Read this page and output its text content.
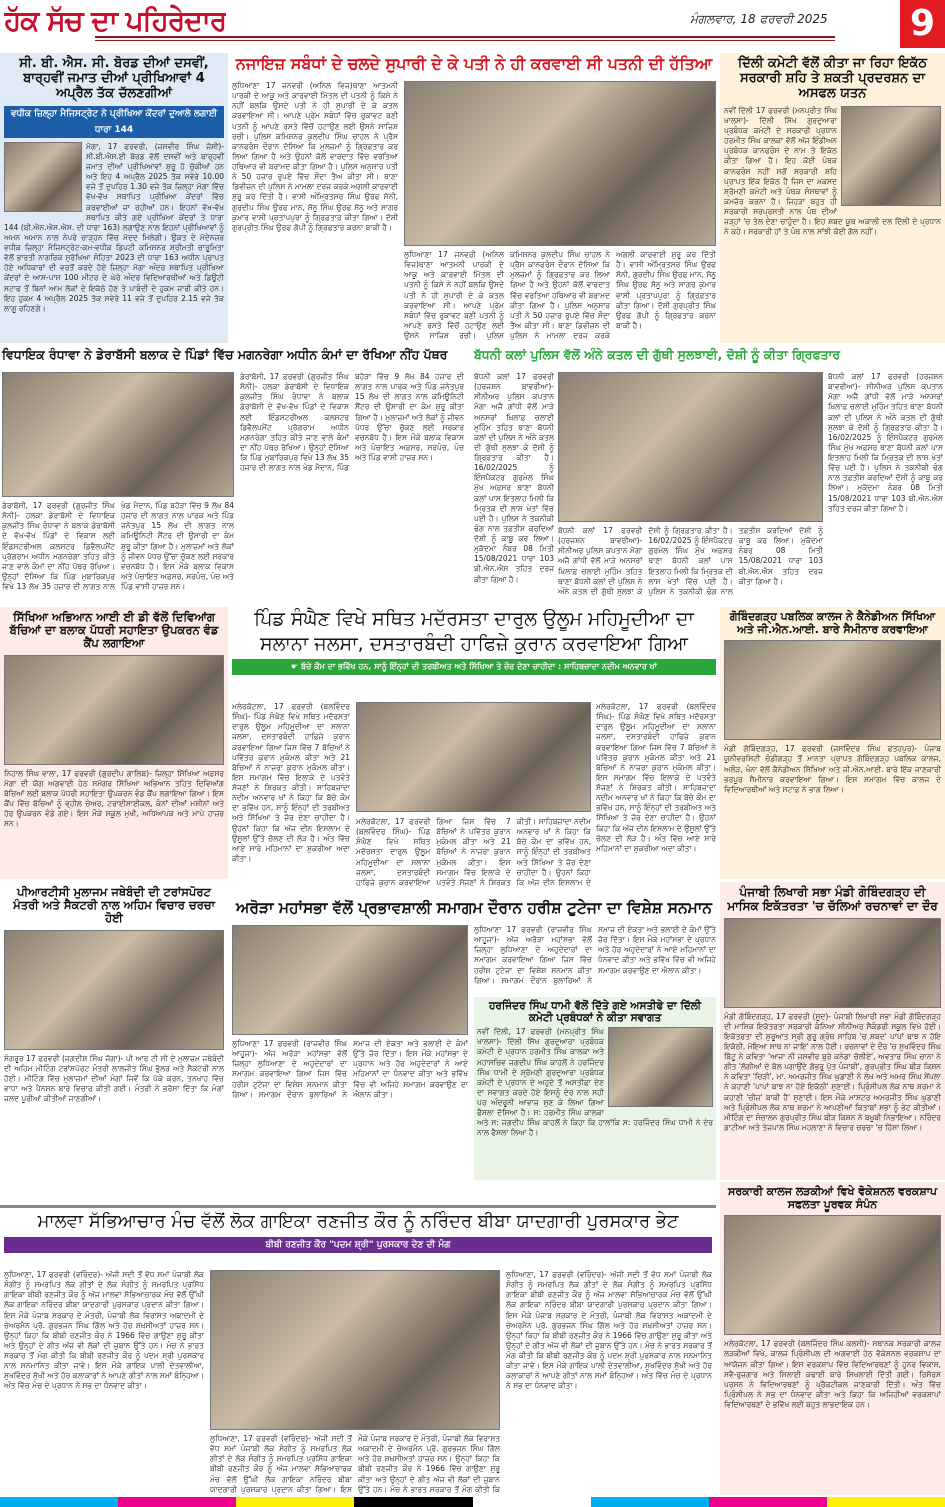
ਹੱਕ ਸੱਚ ਦਾ ਪਹਿਰੇਦਾਰ	ਮੰਗਲਵਾਰ, 18 ਫਰਵਰੀ 2025 9
ਸੀ. ਬੀ. ਐਸ. ਸੀ. ਬੋਰਡ ਦੀਆਂ ਦਸਵੀਂ, ਬਾਰ੍ਹਵੀਂ ਜਮਾਤ ਦੀਆਂ ਪ੍ਰੀਖਿਆਵਾਂ 4 ਅਪ੍ਰੈਲ ਤੱਕ ਚੱਲਣਗੀਆਂ
ਵਧੀਕ ਜ਼ਿਲ੍ਹਾ ਮੈਜਿਸਟ੍ਰੇਟ ਨੇ ਪ੍ਰੀਖਿਆ ਕੇਂਦਰਾਂ ਦੁਆਲੇ ਲਗਾਈ ਧਾਰਾ 144
ਮੋਗਾ, 17 ਫਰਵਰੀ, (ਜਸਵੀਰ ਸਿੰਘ ਜੱਸੀ)- ਸੀ.ਬੀ.ਐਸ.ਈ ਬੋਰਡ ਵੱਲੋਂ ਦਸਵੀਂ ਅਤੇ ਬਾਰ੍ਹਵੀਂ ਜਮਾਤ ਦੀਆਂ ਪ੍ਰੀਖਿਆਵਾਂ ਸ਼ੁਰੂ ਹੋ ਚੁੱਕੀਆਂ ਹਨ ਅਤੇ ਇਹ 4 ਅਪ੍ਰੈਲ 2025 ਤੱਕ ਸਵੇਰੇ 10.00 ਵਜੇ ਤੋਂ ਦੁਪਹਿਰ 1.30 ਵਜੇ ਤੱਕ ਜ਼ਿਲ੍ਹਾ ਮੋਗਾ ਵਿੱਚ ਵੱਖ-ਵੱਖ ਸਥਾਪਿਤ ਪ੍ਰੀਖਿਆ ਕੇਂਦਰਾਂ ਵਿੱਚ ਕਰਵਾਈਆਂ ਜਾ ਰਹੀਆਂ ਹਨ। ਇਹਨਾਂ ਵੱਖ-ਵੱਖ ਸਥਾਪਿਤ ਕੀਤੇ ਗਏ ਪ੍ਰੀਖਿਆ ਕੇਂਦਰਾਂ ਤੇ ਧਾਰਾ 144 (ਬੀ.ਐਨ.ਐਸ.ਐਸ. ਦੀ ਧਾਰਾ 163) ਲਗਾਉਣ ਨਾਲ ਇਹਨਾਂ ਪ੍ਰੀਖਿਆਵਾਂ ਨੂੰ ਅਮਨ ਅਮਾਨ ਨਾਲ ਨੇਪਰੇ ਚਾੜ੍ਹਨ ਵਿੱਚ ਮੱਦਦ ਮਿਲੇਗੀ। ਉਕਤ ਦੇ ਮੱਦੇਨਜ਼ਰ ਵਧੀਕ ਜ਼ਿਲ੍ਹਾ ਮੈਜਿਸਟ੍ਰੇਟ-ਕਮ-ਵਧੀਕ ਡਿਪਟੀ ਕਮਿਸ਼ਨਰ ਸ਼੍ਰੀਮਤੀ ਚਾਰੂਮਿਤਾ ਵੱਲੋਂ ਭਾਰਤੀ ਨਾਗਰਿਕ ਸੁਰੱਖਿਆ ਸੰਹਿਤਾ 2023 ਦੀ ਧਾਰਾ 163 ਅਧੀਨ ਪ੍ਰਾਪਤ ਹੋਏ ਅਧਿਕਾਰਾਂ ਦੀ ਵਰਤੋਂ ਕਰਦੇ ਹੋਏ ਜ਼ਿਲ੍ਹਾ ਮੋਗਾ ਅੰਦਰ ਸਥਾਪਿਤ ਪ੍ਰੀਖਿਆ ਕੇਂਦਰਾਂ ਦੇ ਆਸ-ਪਾਸ 100 ਮੀਟਰ ਦੇ ਘੇਰੇ ਅੰਦਰ ਵਿਦਿਆਰਥੀਆਂ ਅਤੇ ਡਿਊਟੀ ਸਟਾਫ ਤੋਂ ਬਿਨਾਂ ਆਮ ਲੋਕਾਂ ਦੇ ਇਕੱਠੇ ਹੋਣ ਤੇ ਪਾਬੰਦੀ ਦੇ ਹੁਕਮ ਜਾਰੀ ਕੀਤੇ ਹਨ। ਇਹ ਹੁਕਮ 4 ਅਪ੍ਰੈਲ 2025 ਤੱਕ ਸਵੇਰੇ 11 ਵਜੇ ਤੋਂ ਦੁਪਹਿਰ 2.15 ਵਜੇ ਤੱਕ ਲਾਗੂ ਰਹਿਣਗੇ।
ਨਜਾਇਜ਼ ਸਬੰਧਾਂ ਦੇ ਚਲਦੇ ਸੁਪਾਰੀ ਦੇ ਕੇ ਪਤੀ ਨੇ ਹੀ ਕਰਵਾਈ ਸੀ ਪਤਨੀ ਦੀ ਹੱਤਿਆ
ਲੁਧਿਆਣਾ 17 ਜਨਵਰੀ (ਅਨਿਲ ਵਿਜ)ਥਾਣਾ ਆਤਮਨੀ ਪਾਰਕੀ ਦੇ ਆਕੂ ਅਤੇ ਕਾਰਵਾਈ ਮਿੱਤਲ ਦੀ ਪਤਨੀ ਨੂੰ ਕਿਸੇ ਨੇ ਨਹੀਂ ਬਲਕਿ ਉਸਦੇ ਪਤੀ ਨੇ ਹੀ ਸੁਪਾਰੀ ਦੇ ਕੇ ਕਤਲ ਕਰਵਾਇਆ ਸੀ। ਆਪਣੇ ਪ੍ਰੇਮ ਸਬੰਧਾਂ ਵਿੱਚ ਰੁਕਾਵਟ ਬਣੀ ਪਤਨੀ ਨੂੰ ਆਪਣੇ ਰਸਤੇ ਵਿੱਚੋਂ ਹਟਾਉਣ ਲਈ ਉਸਨੇ ਸਾਜ਼ਿਸ਼ ਰਚੀ। ਪੁਲਿਸ ਕਮਿਸ਼ਨਰ ਕੁਲਦੀਪ ਸਿੰਘ ਚਾਹਲ ਨੇ ਪ੍ਰੈਸ ਕਾਨਫਰੰਸ ਦੌਰਾਨ ਦੱਸਿਆ ਕਿ ਮੁਲਜ਼ਮਾਂ ਨੂੰ ਗ੍ਰਿਫ਼ਤਾਰ ਕਰ ਲਿਆ ਗਿਆ ਹੈ ਅਤੇ ਉਹਨਾਂ ਕੋਲੋਂ ਵਾਰਦਾਤ ਵਿੱਚ ਵਰਤਿਆ ਹਥਿਆਰ ਵੀ ਬਰਾਮਦ ਕੀਤਾ ਗਿਆ ਹੈ। ਪੁਲਿਸ ਅਨੁਸਾਰ ਪਤੀ ਨੇ 50 ਹਜ਼ਾਰ ਰੁਪਏ ਵਿੱਚ ਸੌਦਾ ਤੈਅ ਕੀਤਾ ਸੀ। ਥਾਣਾ ਡਿਵੀਜ਼ਨ ਦੀ ਪੁਲਿਸ ਨੇ ਮਾਮਲਾ ਦਰਜ ਕਰਕੇ ਅਗਲੀ ਕਾਰਵਾਈ ਸ਼ੁਰੂ ਕਰ ਦਿੱਤੀ ਹੈ। ਵਾਸੀ ਅੰਮ੍ਰਿਤਸਰ ਸਿੰਘ ਉਰਫ ਸੋਨੀ, ਗੁਰਦੀਪ ਸਿੰਘ ਉਰਫ ਮਾਨ, ਸੋਨੂ ਸਿੰਘ ਉਰਫ ਸੋਨੂ ਅਤੇ ਸਾਗਰ ਕੁਮਾਰ ਵਾਸੀ ਪ੍ਰਤਾਪਪੁਰਾ ਨੂੰ ਗ੍ਰਿਫ਼ਤਾਰ ਕੀਤਾ ਗਿਆ। ਦੋਸ਼ੀ ਗੁਰਪ੍ਰੀਤ ਸਿੰਘ ਉਰਫ ਗੋਪੀ ਨੂੰ ਗ੍ਰਿਫਤਾਰ ਕਰਨਾ ਬਾਕੀ ਹੈ।
ਲੁਧਿਆਣਾ 17 ਜਨਵਰੀ (ਅਨਿਲ ਵਿਜ)ਥਾਣਾ ਆਤਮਨੀ ਪਾਰਕੀ ਦੇ ਆਕੂ ਅਤੇ ਕਾਰਵਾਈ ਮਿੱਤਲ ਦੀ ਪਤਨੀ ਨੂੰ ਕਿਸੇ ਨੇ ਨਹੀਂ ਬਲਕਿ ਉਸਦੇ ਪਤੀ ਨੇ ਹੀ ਸੁਪਾਰੀ ਦੇ ਕੇ ਕਤਲ ਕਰਵਾਇਆ ਸੀ। ਆਪਣੇ ਪ੍ਰੇਮ ਸਬੰਧਾਂ ਵਿੱਚ ਰੁਕਾਵਟ ਬਣੀ ਪਤਨੀ ਨੂੰ ਆਪਣੇ ਰਸਤੇ ਵਿੱਚੋਂ ਹਟਾਉਣ ਲਈ ਉਸਨੇ ਸਾਜ਼ਿਸ਼ ਰਚੀ। ਪੁਲਿਸ ਕਮਿਸ਼ਨਰ ਕੁਲਦੀਪ ਸਿੰਘ ਚਾਹਲ ਨੇ ਪ੍ਰੈਸ ਕਾਨਫਰੰਸ ਦੌਰਾਨ ਦੱਸਿਆ ਕਿ ਮੁਲਜ਼ਮਾਂ ਨੂੰ ਗ੍ਰਿਫ਼ਤਾਰ ਕਰ ਲਿਆ ਗਿਆ ਹੈ ਅਤੇ ਉਹਨਾਂ ਕੋਲੋਂ ਵਾਰਦਾਤ ਵਿੱਚ ਵਰਤਿਆ ਹਥਿਆਰ ਵੀ ਬਰਾਮਦ ਕੀਤਾ ਗਿਆ ਹੈ। ਪੁਲਿਸ ਅਨੁਸਾਰ ਪਤੀ ਨੇ 50 ਹਜ਼ਾਰ ਰੁਪਏ ਵਿੱਚ ਸੌਦਾ ਤੈਅ ਕੀਤਾ ਸੀ। ਥਾਣਾ ਡਿਵੀਜ਼ਨ ਦੀ ਪੁਲਿਸ ਨੇ ਮਾਮਲਾ ਦਰਜ ਕਰਕੇ ਅਗਲੀ ਕਾਰਵਾਈ ਸ਼ੁਰੂ ਕਰ ਦਿੱਤੀ ਹੈ। ਵਾਸੀ ਅੰਮ੍ਰਿਤਸਰ ਸਿੰਘ ਉਰਫ ਸੋਨੀ, ਗੁਰਦੀਪ ਸਿੰਘ ਉਰਫ ਮਾਨ, ਸੋਨੂ ਸਿੰਘ ਉਰਫ ਸੋਨੂ ਅਤੇ ਸਾਗਰ ਕੁਮਾਰ ਵਾਸੀ ਪ੍ਰਤਾਪਪੁਰਾ ਨੂੰ ਗ੍ਰਿਫ਼ਤਾਰ ਕੀਤਾ ਗਿਆ। ਦੋਸ਼ੀ ਗੁਰਪ੍ਰੀਤ ਸਿੰਘ ਉਰਫ ਗੋਪੀ ਨੂੰ ਗ੍ਰਿਫਤਾਰ ਕਰਨਾ ਬਾਕੀ ਹੈ।
ਦਿੱਲੀ ਕਮੇਟੀ ਵੱਲੋਂ ਕੀਤਾ ਜਾ ਰਿਹਾ ਇਕੱਠ ਸਰਕਾਰੀ ਸ਼ਹਿ ਤੇ ਸ਼ਕਤੀ ਪ੍ਰਦਰਸ਼ਨ ਦਾ ਅਸਫਲ ਯਤਨ
ਨਵੀਂ ਦਿੱਲੀ 17 ਫਰਵਰੀ (ਮਨਪ੍ਰੀਤ ਸਿੰਘ ਖਾਲਸਾ)- ਦਿੱਲੀ ਸਿੱਖ ਗੁਰਦੁਆਰਾ ਪ੍ਰਬੰਧਕ ਕਮੇਟੀ ਦੇ ਸਰਕਾਰੀ ਪ੍ਰਧਾਨ ਹਰਮੀਤ ਸਿੰਘ ਕਾਲਕਾ ਵੱਲੋਂ ਅੱਜ ਇੰਡੀਅਨ ਪ੍ਰਬੰਧਕ ਕਾਨਫਰੰਸ ਦੇ ਨਾਮ ਤੇ ਇਕੱਠ ਕੀਤਾ ਗਿਆ ਹੈ। ਇਹ ਕੋਈ ਪੰਥਕ ਕਾਨਫਰੰਸ ਨਹੀਂ ਸਗੋਂ ਸਰਕਾਰੀ ਸ਼ਹਿ ਪ੍ਰਾਪਤ ਇੱਕ ਇਕੱਠ ਹੈ ਜਿਸ ਦਾ ਮਕਸਦ ਸ਼੍ਰੋਮਣੀ ਕਮੇਟੀ ਅਤੇ ਪੰਥਕ ਸੰਸਥਾਵਾਂ ਨੂੰ ਕਮਜ਼ੋਰ ਕਰਨਾ ਹੈ। ਜਿਹੜਾ ਬਹੁਤ ਹੀ ਸਰਕਾਰੀ ਸਰਪ੍ਰਸਤੀ ਨਾਲ ਪੰਥ ਦੀਆਂ ਜੜ੍ਹਾਂ 'ਚ ਤੇਲ ਦੇਣਾ ਚਾਹੁੰਦਾ ਹੈ। ਇਹ ਸ਼ਬਦ ਯੂਥ ਅਕਾਲੀ ਦਲ ਦਿੱਲੀ ਦੇ ਪ੍ਰਧਾਨ ਨੇ ਕਹੇ। ਸਰਕਾਰੀ ਹਾਂ ਤੇ ਪੰਥ ਨਾਲ ਸਾਂਝੀ ਕੋਈ ਗੱਲ ਨਹੀਂ।
ਵਿਧਾਇਕ ਰੰਧਾਵਾ ਨੇ ਡੇਰਾਬੱਸੀ ਬਲਾਕ ਦੇ ਪਿੰਡਾਂ ਵਿੱਚ ਮਗਨਰੇਗਾ ਅਧੀਨ ਕੰਮਾਂ ਦਾ ਰੱਖਿਆ ਨੀਂਹ ਪੱਥਰ
ਡੇਰਾਬੱਸੀ, 17 ਫਰਵਰੀ (ਗੁਰਜੀਤ ਸਿੰਘ ਸੋਨੀ)- ਹਲਕਾ ਡੇਰਾਬੱਸੀ ਦੇ ਵਿਧਾਇਕ ਕੁਲਜੀਤ ਸਿੰਘ ਰੰਧਾਵਾ ਨੇ ਬਲਾਕ ਡੇਰਾਬੱਸੀ ਦੇ ਵੱਖ-ਵੱਖ ਪਿੰਡਾਂ ਦੇ ਵਿਕਾਸ ਲਈ ਇੰਡਸਟਰੀਅਲ ਕਲਸਟਰ ਡਿਵੈਲਪਮੈਂਟ ਪ੍ਰੋਗਰਾਮ ਅਧੀਨ ਮਗਨਰੇਗਾ ਤਹਿਤ ਕੀਤੇ ਜਾਣ ਵਾਲੇ ਕੰਮਾਂ ਦਾ ਨੀਂਹ ਪੱਥਰ ਰੱਖਿਆ। ਉਨ੍ਹਾਂ ਦੱਸਿਆ ਕਿ ਪਿੰਡ ਮੁਬਾਰਿਕਪੁਰ ਵਿਖੇ 13 ਲੱਖ 35 ਹਜ਼ਾਰ ਦੀ ਲਾਗਤ ਨਾਲ ਖੇਡ ਮੈਦਾਨ, ਪਿੰਡ ਬਹੋੜਾ ਵਿੱਚ 9 ਲੱਖ 84 ਹਜ਼ਾਰ ਦੀ ਲਾਗਤ ਨਾਲ ਪਾਰਕ ਅਤੇ ਪਿੰਡ ਜਨੇਤਪੁਰ 15 ਲੱਖ ਦੀ ਲਾਗਤ ਨਾਲ ਕਮਿਊਨਿਟੀ ਸੈਂਟਰ ਦੀ ਉਸਾਰੀ ਦਾ ਕੰਮ ਸ਼ੁਰੂ ਕੀਤਾ ਗਿਆ ਹੈ। ਮੁਲਾਜ਼ਮਾਂ ਅਤੇ ਲੋਕਾਂ ਨੂੰ ਜੀਵਨ ਪੱਧਰ ਉੱਚਾ ਚੁੱਕਣ ਲਈ ਸਰਕਾਰ ਵਚਨਬੱਧ ਹੈ। ਇਸ ਮੌਕੇ ਬਲਾਕ ਵਿਕਾਸ ਅਤੇ ਪੰਚਾਇਤ ਅਫ਼ਸਰ, ਸਰਪੰਚ, ਪੰਚ ਅਤੇ ਪਿੰਡ ਵਾਸੀ ਹਾਜ਼ਰ ਸਨ।
ਡੇਰਾਬੱਸੀ, 17 ਫਰਵਰੀ (ਗੁਰਜੀਤ ਸਿੰਘ ਸੋਨੀ)- ਹਲਕਾ ਡੇਰਾਬੱਸੀ ਦੇ ਵਿਧਾਇਕ ਕੁਲਜੀਤ ਸਿੰਘ ਰੰਧਾਵਾ ਨੇ ਬਲਾਕ ਡੇਰਾਬੱਸੀ ਦੇ ਵੱਖ-ਵੱਖ ਪਿੰਡਾਂ ਦੇ ਵਿਕਾਸ ਲਈ ਇੰਡਸਟਰੀਅਲ ਕਲਸਟਰ ਡਿਵੈਲਪਮੈਂਟ ਪ੍ਰੋਗਰਾਮ ਅਧੀਨ ਮਗਨਰੇਗਾ ਤਹਿਤ ਕੀਤੇ ਜਾਣ ਵਾਲੇ ਕੰਮਾਂ ਦਾ ਨੀਂਹ ਪੱਥਰ ਰੱਖਿਆ। ਉਨ੍ਹਾਂ ਦੱਸਿਆ ਕਿ ਪਿੰਡ ਮੁਬਾਰਿਕਪੁਰ ਵਿਖੇ 13 ਲੱਖ 35 ਹਜ਼ਾਰ ਦੀ ਲਾਗਤ ਨਾਲ ਖੇਡ ਮੈਦਾਨ, ਪਿੰਡ ਬਹੋੜਾ ਵਿੱਚ 9 ਲੱਖ 84 ਹਜ਼ਾਰ ਦੀ ਲਾਗਤ ਨਾਲ ਪਾਰਕ ਅਤੇ ਪਿੰਡ ਜਨੇਤਪੁਰ 15 ਲੱਖ ਦੀ ਲਾਗਤ ਨਾਲ ਕਮਿਊਨਿਟੀ ਸੈਂਟਰ ਦੀ ਉਸਾਰੀ ਦਾ ਕੰਮ ਸ਼ੁਰੂ ਕੀਤਾ ਗਿਆ ਹੈ। ਮੁਲਾਜ਼ਮਾਂ ਅਤੇ ਲੋਕਾਂ ਨੂੰ ਜੀਵਨ ਪੱਧਰ ਉੱਚਾ ਚੁੱਕਣ ਲਈ ਸਰਕਾਰ ਵਚਨਬੱਧ ਹੈ। ਇਸ ਮੌਕੇ ਬਲਾਕ ਵਿਕਾਸ ਅਤੇ ਪੰਚਾਇਤ ਅਫ਼ਸਰ, ਸਰਪੰਚ, ਪੰਚ ਅਤੇ ਪਿੰਡ ਵਾਸੀ ਹਾਜ਼ਰ ਸਨ।
ਬੱਧਨੀ ਕਲਾਂ ਪੁਲਿਸ ਵੱਲੋਂ ਅੰਨੇ ਕਤਲ ਦੀ ਗੁੱਥੀ ਸੁਲਝਾਈ, ਦੋਸ਼ੀ ਨੂੰ ਕੀਤਾ ਗ੍ਰਿਫਤਾਰ
ਬੱਧਨੀ ਕਲਾਂ 17 ਫਰਵਰੀ (ਹਰਜਸ਼ਨ ਬਾਵਰੀਆ)- ਸੀਨੀਅਰ ਪੁਲਿਸ ਕਪਤਾਨ ਮੋਗਾ ਅਜੈ ਗਾਂਧੀ ਵੱਲੋਂ ਮਾੜੇ ਅਨਸਰਾਂ ਖ਼ਿਲਾਫ਼ ਚਲਾਈ ਮੁਹਿੰਮ ਤਹਿਤ ਥਾਣਾ ਬੱਧਨੀ ਕਲਾਂ ਦੀ ਪੁਲਿਸ ਨੇ ਅੰਨੇ ਕਤਲ ਦੀ ਗੁੱਥੀ ਸੁਲਝਾ ਕੇ ਦੋਸ਼ੀ ਨੂੰ ਗ੍ਰਿਫ਼ਤਾਰ ਕੀਤਾ ਹੈ। 16/02/2025 ਨੂੰ ਇੰਸਪੈਕਟਰ ਗੁਰਮੇਲ ਸਿੰਘ ਮੁੱਖ ਅਫ਼ਸਰ ਥਾਣਾ ਬੱਧਨੀ ਕਲਾਂ ਪਾਸ ਇਤਲਾਹ ਮਿਲੀ ਕਿ ਮ੍ਰਿਤਕ ਦੀ ਲਾਸ਼ ਖੇਤਾਂ ਵਿੱਚ ਪਈ ਹੈ। ਪੁਲਿਸ ਨੇ ਤਕਨੀਕੀ ਢੰਗ ਨਾਲ ਤਫ਼ਤੀਸ਼ ਕਰਦਿਆਂ ਦੋਸ਼ੀ ਨੂੰ ਕਾਬੂ ਕਰ ਲਿਆ। ਮੁਕੱਦਮਾ ਨੰਬਰ 08 ਮਿਤੀ 15/08/2021 ਧਾਰਾ 103 ਬੀ.ਐਨ.ਐਸ ਤਹਿਤ ਦਰਜ ਕੀਤਾ ਗਿਆ ਹੈ।
ਬੱਧਨੀ ਕਲਾਂ 17 ਫਰਵਰੀ (ਹਰਜਸ਼ਨ ਬਾਵਰੀਆ)- ਸੀਨੀਅਰ ਪੁਲਿਸ ਕਪਤਾਨ ਮੋਗਾ ਅਜੈ ਗਾਂਧੀ ਵੱਲੋਂ ਮਾੜੇ ਅਨਸਰਾਂ ਖ਼ਿਲਾਫ਼ ਚਲਾਈ ਮੁਹਿੰਮ ਤਹਿਤ ਥਾਣਾ ਬੱਧਨੀ ਕਲਾਂ ਦੀ ਪੁਲਿਸ ਨੇ ਅੰਨੇ ਕਤਲ ਦੀ ਗੁੱਥੀ ਸੁਲਝਾ ਕੇ ਦੋਸ਼ੀ ਨੂੰ ਗ੍ਰਿਫ਼ਤਾਰ ਕੀਤਾ ਹੈ। 16/02/2025 ਨੂੰ ਇੰਸਪੈਕਟਰ ਗੁਰਮੇਲ ਸਿੰਘ ਮੁੱਖ ਅਫ਼ਸਰ ਥਾਣਾ ਬੱਧਨੀ ਕਲਾਂ ਪਾਸ ਇਤਲਾਹ ਮਿਲੀ ਕਿ ਮ੍ਰਿਤਕ ਦੀ ਲਾਸ਼ ਖੇਤਾਂ ਵਿੱਚ ਪਈ ਹੈ। ਪੁਲਿਸ ਨੇ ਤਕਨੀਕੀ ਢੰਗ ਨਾਲ ਤਫ਼ਤੀਸ਼ ਕਰਦਿਆਂ ਦੋਸ਼ੀ ਨੂੰ ਕਾਬੂ ਕਰ ਲਿਆ। ਮੁਕੱਦਮਾ ਨੰਬਰ 08 ਮਿਤੀ 15/08/2021 ਧਾਰਾ 103 ਬੀ.ਐਨ.ਐਸ ਤਹਿਤ ਦਰਜ ਕੀਤਾ ਗਿਆ ਹੈ।
ਬੱਧਨੀ ਕਲਾਂ 17 ਫਰਵਰੀ (ਹਰਜਸ਼ਨ ਬਾਵਰੀਆ)- ਸੀਨੀਅਰ ਪੁਲਿਸ ਕਪਤਾਨ ਮੋਗਾ ਅਜੈ ਗਾਂਧੀ ਵੱਲੋਂ ਮਾੜੇ ਅਨਸਰਾਂ ਖ਼ਿਲਾਫ਼ ਚਲਾਈ ਮੁਹਿੰਮ ਤਹਿਤ ਥਾਣਾ ਬੱਧਨੀ ਕਲਾਂ ਦੀ ਪੁਲਿਸ ਨੇ ਅੰਨੇ ਕਤਲ ਦੀ ਗੁੱਥੀ ਸੁਲਝਾ ਕੇ ਦੋਸ਼ੀ ਨੂੰ ਗ੍ਰਿਫ਼ਤਾਰ ਕੀਤਾ ਹੈ। 16/02/2025 ਨੂੰ ਇੰਸਪੈਕਟਰ ਗੁਰਮੇਲ ਸਿੰਘ ਮੁੱਖ ਅਫ਼ਸਰ ਥਾਣਾ ਬੱਧਨੀ ਕਲਾਂ ਪਾਸ ਇਤਲਾਹ ਮਿਲੀ ਕਿ ਮ੍ਰਿਤਕ ਦੀ ਲਾਸ਼ ਖੇਤਾਂ ਵਿੱਚ ਪਈ ਹੈ। ਪੁਲਿਸ ਨੇ ਤਕਨੀਕੀ ਢੰਗ ਨਾਲ ਤਫ਼ਤੀਸ਼ ਕਰਦਿਆਂ ਦੋਸ਼ੀ ਨੂੰ ਕਾਬੂ ਕਰ ਲਿਆ। ਮੁਕੱਦਮਾ ਨੰਬਰ 08 ਮਿਤੀ 15/08/2021 ਧਾਰਾ 103 ਬੀ.ਐਨ.ਐਸ ਤਹਿਤ ਦਰਜ ਕੀਤਾ ਗਿਆ ਹੈ।
ਸਿੱਖਿਆ ਅਭਿਆਨ ਆਈ ਈ ਡੀ ਵੱਲੋਂ ਦਿਵਿਆਂਗ ਬੱਚਿਆਂ ਦਾ ਬਲਾਕ ਪੱਧਰੀ ਸਹਾਇਤਾ ਉਪਕਰਨ ਵੰਡ ਕੈਂਪ ਲਗਾਇਆ
ਨਿਹਾਲ ਸਿੰਘ ਵਾਲਾ, 17 ਫਰਵਰੀ (ਗੁਰਦੀਪ ਗਾਲਿਬ)- ਜ਼ਿਲ੍ਹਾ ਸਿੱਖਿਆ ਅਫ਼ਸਰ ਮੋਗਾ ਦੀ ਯੋਗ ਅਗਵਾਈ ਹੇਠ ਸਮੱਗਰ ਸਿੱਖਿਆ ਅਭਿਆਨ ਤਹਿਤ ਦਿਵਿਆਂਗ ਬੱਚਿਆਂ ਲਈ ਬਲਾਕ ਪੱਧਰੀ ਸਹਾਇਤਾ ਉਪਕਰਨ ਵੰਡ ਕੈਂਪ ਲਗਾਇਆ ਗਿਆ। ਇਸ ਕੈਂਪ ਵਿੱਚ ਬੱਚਿਆਂ ਨੂੰ ਵ੍ਹੀਲ ਚੇਅਰ, ਟਰਾਈਸਾਈਕਲ, ਕੰਨਾਂ ਦੀਆਂ ਮਸ਼ੀਨਾਂ ਅਤੇ ਹੋਰ ਉਪਕਰਨ ਵੰਡੇ ਗਏ। ਇਸ ਮੌਕੇ ਸਕੂਲ ਮੁਖੀ, ਅਧਿਆਪਕ ਅਤੇ ਮਾਪੇ ਹਾਜ਼ਰ ਸਨ।
ਪੀਆਰਟੀਸੀ ਮੁਲਾਜਮ ਜਥੇਬੰਦੀ ਦੀ ਟਰਾਂਸਪੋਰਟ ਮੰਤਰੀ ਅਤੇ ਸੈਕਟਰੀ ਨਾਲ ਅਹਿਮ ਵਿਚਾਰ ਚਰਚਾ ਹੋਈ
ਸੰਗਰੂਰ 17 ਫਰਵਰੀ (ਜਗਦੀਸ਼ ਸਿੰਘ ਜੱਗਾ)- ਪੀ ਆਰ ਟੀ ਸੀ ਦੇ ਮੁਲਾਜ਼ਮ ਜਥੇਬੰਦੀ ਦੀ ਅਹਿਮ ਮੀਟਿੰਗ ਟਰਾਂਸਪੋਰਟ ਮੰਤਰੀ ਲਾਲਜੀਤ ਸਿੰਘ ਭੁੱਲਰ ਅਤੇ ਸੈਕਟਰੀ ਨਾਲ ਹੋਈ। ਮੀਟਿੰਗ ਵਿੱਚ ਮੁਲਾਜ਼ਮਾਂ ਦੀਆਂ ਮੰਗਾਂ ਜਿਵੇਂ ਕਿ ਪੱਕੇ ਕਰਨ, ਤਨਖਾਹ ਵਿੱਚ ਵਾਧਾ ਅਤੇ ਪੈਨਸ਼ਨ ਬਾਰੇ ਵਿਚਾਰ ਕੀਤੀ ਗਈ। ਮੰਤਰੀ ਨੇ ਭਰੋਸਾ ਦਿੱਤਾ ਕਿ ਮੰਗਾਂ ਜਲਦ ਪੂਰੀਆਂ ਕੀਤੀਆਂ ਜਾਣਗੀਆਂ।
ਪਿੰਡ ਸੰਘੈਣ ਵਿਖੇ ਸਥਿਤ ਮਦੱਰਸਤਾ ਦਾਰੁਲ ਉਲੂਮ ਮਹਿਮੂਦੀਆ ਦਾ ਸਲਾਨਾ ਜਲਸਾ, ਦਸਤਾਰਬੰਦੀ ਹਾਫਿਜ਼ੇ ਕੁਰਾਨ ਕਰਵਾਇਆ ਗਿਆ
☛ ਬੱਚੇ ਕੌਮ ਦਾ ਭਵਿੱਖ ਹਨ, ਸਾਨੂੰ ਇੰਨ੍ਹਾਂ ਦੀ ਤਰਬੀਅਤ ਅਤੇ ਸਿੱਖਿਆ ਤੇ ਜ਼ੋਰ ਦੇਣਾ ਚਾਹੀਦਾ : ਸਾਹਿਬਜ਼ਾਦਾ ਨਦੀਮ ਅਨਵਾਰ ਖਾਂ
ਮਲੇਰਕੋਟਲਾ, 17 ਫਰਵਰੀ (ਬਲਵਿੰਦਰ ਸਿੰਘ)- ਪਿੰਡ ਸੰਘੈਣ ਵਿਖੇ ਸਥਿਤ ਮਦੱਰਸਤਾ ਦਾਰੁਲ ਉਲੂਮ ਮਹਿਮੂਦੀਆ ਦਾ ਸਲਾਨਾ ਜਲਸਾ, ਦਸਤਾਰਬੰਦੀ ਹਾਫਿਜ਼ੇ ਕੁਰਾਨ ਕਰਵਾਇਆ ਗਿਆ ਜਿਸ ਵਿੱਚ 7 ਬੱਚਿਆਂ ਨੇ ਪਵਿੱਤਰ ਕੁਰਾਨ ਮੁਕੰਮਲ ਕੀਤਾ ਅਤੇ 21 ਬੱਚਿਆਂ ਨੇ ਨਾਜ਼ਰਾ ਕੁਰਾਨ ਮੁਕੰਮਲ ਕੀਤਾ। ਇਸ ਸਮਾਗਮ ਵਿੱਚ ਇਲਾਕੇ ਦੇ ਪਤਵੰਤੇ ਸੱਜਣਾਂ ਨੇ ਸ਼ਿਰਕਤ ਕੀਤੀ। ਸਾਹਿਬਜ਼ਾਦਾ ਨਦੀਮ ਅਨਵਾਰ ਖਾਂ ਨੇ ਕਿਹਾ ਕਿ ਬੱਚੇ ਕੌਮ ਦਾ ਭਵਿੱਖ ਹਨ, ਸਾਨੂੰ ਇੰਨ੍ਹਾਂ ਦੀ ਤਰਬੀਅਤ ਅਤੇ ਸਿੱਖਿਆ ਤੇ ਜ਼ੋਰ ਦੇਣਾ ਚਾਹੀਦਾ ਹੈ। ਉਹਨਾਂ ਕਿਹਾ ਕਿ ਅੱਜ ਦੀਨ ਇਸਲਾਮ ਦੇ ਉਸੂਲਾਂ ਉੱਤੇ ਚੱਲਣ ਦੀ ਲੋੜ ਹੈ। ਅੰਤ ਵਿੱਚ ਆਏ ਸਾਰੇ ਮਹਿਮਾਨਾਂ ਦਾ ਸ਼ੁਕਰੀਆ ਅਦਾ ਕੀਤਾ।
ਮਲੇਰਕੋਟਲਾ, 17 ਫਰਵਰੀ (ਬਲਵਿੰਦਰ ਸਿੰਘ)- ਪਿੰਡ ਸੰਘੈਣ ਵਿਖੇ ਸਥਿਤ ਮਦੱਰਸਤਾ ਦਾਰੁਲ ਉਲੂਮ ਮਹਿਮੂਦੀਆ ਦਾ ਸਲਾਨਾ ਜਲਸਾ, ਦਸਤਾਰਬੰਦੀ ਹਾਫਿਜ਼ੇ ਕੁਰਾਨ ਕਰਵਾਇਆ ਗਿਆ ਜਿਸ ਵਿੱਚ 7 ਬੱਚਿਆਂ ਨੇ ਪਵਿੱਤਰ ਕੁਰਾਨ ਮੁਕੰਮਲ ਕੀਤਾ ਅਤੇ 21 ਬੱਚਿਆਂ ਨੇ ਨਾਜ਼ਰਾ ਕੁਰਾਨ ਮੁਕੰਮਲ ਕੀਤਾ। ਇਸ ਸਮਾਗਮ ਵਿੱਚ ਇਲਾਕੇ ਦੇ ਪਤਵੰਤੇ ਸੱਜਣਾਂ ਨੇ ਸ਼ਿਰਕਤ ਕੀਤੀ। ਸਾਹਿਬਜ਼ਾਦਾ ਨਦੀਮ ਅਨਵਾਰ ਖਾਂ ਨੇ ਕਿਹਾ ਕਿ ਬੱਚੇ ਕੌਮ ਦਾ ਭਵਿੱਖ ਹਨ, ਸਾਨੂੰ ਇੰਨ੍ਹਾਂ ਦੀ ਤਰਬੀਅਤ ਅਤੇ ਸਿੱਖਿਆ ਤੇ ਜ਼ੋਰ ਦੇਣਾ ਚਾਹੀਦਾ ਹੈ। ਉਹਨਾਂ ਕਿਹਾ ਕਿ ਅੱਜ ਦੀਨ ਇਸਲਾਮ ਦੇ
ਮਲੇਰਕੋਟਲਾ, 17 ਫਰਵਰੀ (ਬਲਵਿੰਦਰ ਸਿੰਘ)- ਪਿੰਡ ਸੰਘੈਣ ਵਿਖੇ ਸਥਿਤ ਮਦੱਰਸਤਾ ਦਾਰੁਲ ਉਲੂਮ ਮਹਿਮੂਦੀਆ ਦਾ ਸਲਾਨਾ ਜਲਸਾ, ਦਸਤਾਰਬੰਦੀ ਹਾਫਿਜ਼ੇ ਕੁਰਾਨ ਕਰਵਾਇਆ ਗਿਆ ਜਿਸ ਵਿੱਚ 7 ਬੱਚਿਆਂ ਨੇ ਪਵਿੱਤਰ ਕੁਰਾਨ ਮੁਕੰਮਲ ਕੀਤਾ ਅਤੇ 21 ਬੱਚਿਆਂ ਨੇ ਨਾਜ਼ਰਾ ਕੁਰਾਨ ਮੁਕੰਮਲ ਕੀਤਾ। ਇਸ ਸਮਾਗਮ ਵਿੱਚ ਇਲਾਕੇ ਦੇ ਪਤਵੰਤੇ ਸੱਜਣਾਂ ਨੇ ਸ਼ਿਰਕਤ ਕੀਤੀ। ਸਾਹਿਬਜ਼ਾਦਾ ਨਦੀਮ ਅਨਵਾਰ ਖਾਂ ਨੇ ਕਿਹਾ ਕਿ ਬੱਚੇ ਕੌਮ ਦਾ ਭਵਿੱਖ ਹਨ, ਸਾਨੂੰ ਇੰਨ੍ਹਾਂ ਦੀ ਤਰਬੀਅਤ ਅਤੇ ਸਿੱਖਿਆ ਤੇ ਜ਼ੋਰ ਦੇਣਾ ਚਾਹੀਦਾ ਹੈ। ਉਹਨਾਂ ਕਿਹਾ ਕਿ ਅੱਜ ਦੀਨ ਇਸਲਾਮ ਦੇ ਉਸੂਲਾਂ ਉੱਤੇ ਚੱਲਣ ਦੀ ਲੋੜ ਹੈ। ਅੰਤ ਵਿੱਚ ਆਏ ਸਾਰੇ ਮਹਿਮਾਨਾਂ ਦਾ ਸ਼ੁਕਰੀਆ ਅਦਾ ਕੀਤਾ।
ਅਰੋੜਾ ਮਹਾਂਸਭਾ ਵੱਲੋਂ ਪ੍ਰਭਾਵਸ਼ਾਲੀ ਸਮਾਗਮ ਦੌਰਾਨ ਹਰੀਸ਼ ਟੁਟੇਜਾ ਦਾ ਵਿਸ਼ੇਸ਼ ਸਨਮਾਨ
ਲੁਧਿਆਣਾ 17 ਫਰਵਰੀ (ਰਾਜਵੀਰ ਸਿੰਘ ਆਹੂਜਾ)- ਅੱਜ ਅਰੋੜਾ ਮਹਾਂਸਭਾ ਵੱਲੋਂ ਜ਼ਿਲ੍ਹਾ ਲੁਧਿਆਣਾ ਦੇ ਅਹੁਦੇਦਾਰਾਂ ਦਾ ਸਮਾਗਮ ਕਰਵਾਇਆ ਗਿਆ ਜਿਸ ਵਿੱਚ ਹਰੀਸ਼ ਟੁਟੇਜਾ ਦਾ ਵਿਸ਼ੇਸ਼ ਸਨਮਾਨ ਕੀਤਾ ਗਿਆ। ਸਮਾਗਮ ਦੌਰਾਨ ਬੁਲਾਰਿਆਂ ਨੇ ਸਮਾਜ ਦੀ ਏਕਤਾ ਅਤੇ ਭਲਾਈ ਦੇ ਕੰਮਾਂ ਉੱਤੇ ਜ਼ੋਰ ਦਿੱਤਾ। ਇਸ ਮੌਕੇ ਮਹਾਂਸਭਾ ਦੇ ਪ੍ਰਧਾਨ ਅਤੇ ਹੋਰ ਅਹੁਦੇਦਾਰਾਂ ਨੇ ਆਏ ਮਹਿਮਾਨਾਂ ਦਾ ਧੰਨਵਾਦ ਕੀਤਾ ਅਤੇ ਭਵਿੱਖ ਵਿੱਚ ਵੀ ਅਜਿਹੇ ਸਮਾਗਮ ਕਰਵਾਉਣ ਦਾ ਐਲਾਨ ਕੀਤਾ।
ਲੁਧਿਆਣਾ 17 ਫਰਵਰੀ (ਰਾਜਵੀਰ ਸਿੰਘ ਆਹੂਜਾ)- ਅੱਜ ਅਰੋੜਾ ਮਹਾਂਸਭਾ ਵੱਲੋਂ ਜ਼ਿਲ੍ਹਾ ਲੁਧਿਆਣਾ ਦੇ ਅਹੁਦੇਦਾਰਾਂ ਦਾ ਸਮਾਗਮ ਕਰਵਾਇਆ ਗਿਆ ਜਿਸ ਵਿੱਚ ਹਰੀਸ਼ ਟੁਟੇਜਾ ਦਾ ਵਿਸ਼ੇਸ਼ ਸਨਮਾਨ ਕੀਤਾ ਗਿਆ। ਸਮਾਗਮ ਦੌਰਾਨ ਬੁਲਾਰਿਆਂ ਨੇ ਸਮਾਜ ਦੀ ਏਕਤਾ ਅਤੇ ਭਲਾਈ ਦੇ ਕੰਮਾਂ ਉੱਤੇ ਜ਼ੋਰ ਦਿੱਤਾ। ਇਸ ਮੌਕੇ ਮਹਾਂਸਭਾ ਦੇ ਪ੍ਰਧਾਨ ਅਤੇ ਹੋਰ ਅਹੁਦੇਦਾਰਾਂ ਨੇ ਆਏ ਮਹਿਮਾਨਾਂ ਦਾ ਧੰਨਵਾਦ ਕੀਤਾ ਅਤੇ ਭਵਿੱਖ ਵਿੱਚ ਵੀ ਅਜਿਹੇ ਸਮਾਗਮ ਕਰਵਾਉਣ ਦਾ ਐਲਾਨ ਕੀਤਾ।
ਹਰਜਿੰਦਰ ਸਿੰਘ ਧਾਮੀ ਵੱਲੋਂ ਦਿੱਤੇ ਗਏ ਅਸਤੀਫੇ ਦਾ ਦਿੱਲੀ ਕਮੇਟੀ ਪ੍ਰਬੰਧਕਾਂ ਨੇ ਕੀਤਾ ਸਵਾਗਤ
ਨਵੀਂ ਦਿੱਲੀ, 17 ਫਰਵਰੀ (ਮਨਪ੍ਰੀਤ ਸਿੰਘ ਖਾਲਸਾ)- ਦਿੱਲੀ ਸਿੱਖ ਗੁਰਦੁਆਰਾ ਪ੍ਰਬੰਧਕ ਕਮੇਟੀ ਦੇ ਪ੍ਰਧਾਨ ਹਰਮੀਤ ਸਿੰਘ ਕਾਲਕਾ ਅਤੇ ਮਹਾਸਚਿਵ ਜਗਦੀਪ ਸਿੰਘ ਕਾਹਲੋਂ ਨੇ ਹਰਜਿੰਦਰ ਸਿੰਘ ਧਾਮੀ ਦੇ ਸ਼੍ਰੋਮਣੀ ਗੁਰਦੁਆਰਾ ਪ੍ਰਬੰਧਕ ਕਮੇਟੀ ਦੇ ਪ੍ਰਧਾਨ ਦੇ ਅਹੁਦੇ ਤੋਂ ਅਸਤੀਫਾ ਦੇਣ ਦਾ ਸਵਾਗਤ ਕਰਦੇ ਹੋਏ ਇਸਨੂੰ ਦੇਰ ਨਾਲ ਸਹੀ ਪਰ ਅੰਦਰੂਨੀ ਆਵਾਜ਼ ਸੁਣ ਕੇ ਲਿਆ ਗਿਆ ਫੈਸਲਾ ਦੱਸਿਆ ਹੈ। ਸ: ਹਰਮੀਤ ਸਿੰਘ ਕਾਲਕਾ ਅਤੇ ਸ: ਜਗਦੀਪ ਸਿੰਘ ਕਾਹਲੋਂ ਨੇ ਕਿਹਾ ਕਿ ਹਾਲਾਂਕਿ ਸ: ਹਰਜਿੰਦਰ ਸਿੰਘ ਧਾਮੀ ਨੇ ਦੇਰ ਨਾਲ ਫੈਸਲਾ ਲਿਆ ਹੈ।
ਗੋਬਿੰਦਗੜ੍ਹ ਪਬਲਿਕ ਕਾਲਜ ਨੇ ਕੈਨੇਡੀਅਨ ਸਿੱਖਿਆ ਅਤੇ ਜੀ.ਐਨ.ਆਈ. ਬਾਰੇ ਸੈਮੀਨਾਰ ਕਰਵਾਇਆ
ਮੰਡੀ ਗੋਬਿੰਦਗੜ੍ਹ, 17 ਫਰਵਰੀ (ਜਸਵਿੰਦਰ ਸਿੰਘ ਫਤਹਪੁਰ)- ਪੰਜਾਬ ਯੂਨੀਵਰਸਿਟੀ ਚੰਡੀਗੜ੍ਹ ਤੋਂ ਮਾਨਤਾ ਪ੍ਰਾਪਤ ਗੋਬਿੰਦਗੜ੍ਹ ਪਬਲਿਕ ਕਾਲਜ, ਅਲੌੜ, ਖੰਨਾ ਵੱਲੋਂ ਕੈਨੇਡੀਅਨ ਸਿੱਖਿਆ ਅਤੇ ਜੀ.ਐਨ.ਆਈ. ਬਾਰੇ ਇੱਕ ਜਾਣਕਾਰੀ ਭਰਪੂਰ ਸੈਮੀਨਾਰ ਕਰਵਾਇਆ ਗਿਆ। ਇਸ ਸਮਾਗਮ ਵਿੱਚ ਕਾਲਜ ਦੇ ਵਿਦਿਆਰਥੀਆਂ ਅਤੇ ਸਟਾਫ਼ ਨੇ ਭਾਗ ਲਿਆ।
ਪੰਜਾਬੀ ਲਿਖਾਰੀ ਸਭਾ ਮੰਡੀ ਗੋਬਿੰਦਗੜ੍ਹ ਦੀ ਮਾਸਿਕ ਇਕੱਤਰਤਾ 'ਚ ਚੱਲਿਆਂ ਰਚਨਾਵਾਂ ਦਾ ਦੌਰ
ਮੰਡੀ ਗੋਬਿੰਦਗੜ੍ਹ, 17 ਫਰਵਰੀ (ਸੂਦ)- ਪੰਜਾਬੀ ਲਿਖਾਰੀ ਸਭਾ ਮੰਡੀ ਗੋਬਿੰਦਗੜ੍ਹ ਦੀ ਮਾਸਿਕ ਇਕੱਤਰਤਾ ਸਰਕਾਰੀ ਕੰਨਿਆ ਸੀਨੀਅਰ ਸੈਕੰਡਰੀ ਸਕੂਲ ਵਿਖੇ ਹੋਈ। ਇਕੱਤਰਤਾ ਦੀ ਸ਼ੁਰੂਆਤ ਸ੍ਰੀ ਗੁਰੂ ਗ੍ਰੰਥ ਸਾਹਿਬ 'ਚ ਸ਼ਬਦ' ਪਾਪਾਂ ਬਾਝ ਨ ਹੋਇ ਇਕੱਠੀ, ਮੋਇਆ ਸਾਥ ਨਾ ਜਾਇ' ਨਾਲ ਹੋਈ। ਰਚਨਾਵਾਂ ਦੇ ਦੌਰ 'ਚ ਸੁਖਵਿੰਦਰ ਸਿੰਘ ਬਿੱਟੂ ਨੇ ਕਵਿਤਾ 'ਆਜਾ ਨੀ ਜਸਵੀਰ ਬੁਰੇ ਕਨੇਡਾ ਚੱਲੀਏ', ਅਵਤਾਰ ਸਿੰਘ ਚਾਨਾ ਨੇ ਗੀਤ 'ਲੱਗੀਆਂ ਦੇ ਬੋਲ ਪਗਾਉਂਦੇ ਗੱਭਰੂ ਪੁੱਤ ਪੰਜਾਬੀ', ਗੁਰਪ੍ਰੀਤ ਸਿੰਘ ਬੀੜ ਕਿਸ਼ਨ ਨੇ ਕਵਿਤਾ 'ਚਿੜੀ', ਮਾ. ਅਮਰਜੀਤ ਸਿੰਘ ਘੁਡਾਣੀ ਨੇ ਲੇਖ ਅਤੇ ਅਮਰ ਸਿੰਘ ਸੇਂਪਲਾ ਨੇ ਕਹਾਣੀ 'ਪਾਪਾਂ ਬਾਝ ਨਾ ਹੋਏ ਇਕੱਠੀ' ਸੁਣਾਈ। ਪ੍ਰਿੰਸੀਪਲ ਲੋਕ ਨਾਥ ਸ਼ਰਮਾ ਨੇ ਕਹਾਣੀ 'ਚੀਜ਼' ਬਾਕੀ ਹੈ' ਸੁਣਾਈ। ਇਸ ਮੌਕੇ ਮਾਸਟਰ ਅਮਰਜੀਤ ਸਿੰਘ ਘੁਡਾਣੀ ਅਤੇ ਪ੍ਰਿੰਸੀਪਲ ਲੋਕ ਨਾਥ ਸ਼ਰਮਾ ਨੇ ਆਪਣੀਆਂ ਕਿਤਾਬਾਂ ਸਭਾ ਨੂੰ ਭੇਟ ਕੀਤੀਆਂ। ਮੀਟਿੰਗ ਦਾ ਸੰਚਾਲਨ ਗੁਰਪ੍ਰੀਤ ਸਿੰਘ ਬੀੜ ਕਿਸ਼ਨ ਨੇ ਬਖੂਬੀ ਨਿਭਾਇਆ। ਨਰਿੰਦਰ ਡਾਟੀਆ ਅਤੇ ਤੇਜਪਾਲ ਸਿੰਘ ਮਹਲਾਣਾ ਨੇ ਵਿਚਾਰ ਚਰਚਾ 'ਚ ਹਿੱਸਾ ਲਿਆ।
ਮਾਲਵਾ ਸੱਭਿਆਚਾਰ ਮੰਚ ਵੱਲੋਂ ਲੋਕ ਗਾਇਕਾ ਰਣਜੀਤ ਕੌਰ ਨੂੰ ਨਰਿੰਦਰ ਬੀਬਾ ਯਾਦਗਾਰੀ ਪੁਰਸਕਾਰ ਭੇਟ
ਬੀਬੀ ਰਣਜੀਤ ਕੌਰ "ਪਦਮ ਸ਼੍ਰੀ" ਪੁਰਸਕਾਰ ਦੇਣ ਦੀ ਮੰਗ
ਲੁਧਿਆਣਾ, 17 ਫਰਵਰੀ (ਵਰਿੰਦਰ)- ਅੱਜੀ ਸਦੀ ਤੋਂ ਵੱਧ ਸਮਾਂ ਪੰਜਾਬੀ ਲੋਕ ਸੰਗੀਤ ਨੂੰ ਸਮਰਪਿਤ ਲੋਕ ਗੀਤਾਂ ਦੇ ਲੋਕ ਸੰਗੀਤ ਨੂੰ ਸਮਰਪਿਤ ਪ੍ਰਸਿੱਧ ਗਾਇਕਾ ਬੀਬੀ ਰਣਜੀਤ ਕੌਰ ਨੂੰ ਅੱਜ ਮਾਲਵਾ ਸੱਭਿਆਚਾਰਕ ਮੰਚ ਵੱਲੋਂ ਉੱਘੀ ਲੋਕ ਗਾਇਕਾ ਨਰਿੰਦਰ ਬੀਬਾ ਯਾਦਗਾਰੀ ਪੁਰਸਕਾਰ ਪ੍ਰਦਾਨ ਕੀਤਾ ਗਿਆ। ਇਸ ਮੌਕੇ ਪੰਜਾਬ ਸਰਕਾਰ ਦੇ ਮੰਤਰੀ, ਪੰਜਾਬੀ ਲੋਕ ਵਿਰਾਸਤ ਅਕਾਦਮੀ ਦੇ ਚੇਅਰਮੈਨ ਪ੍ਰੋ. ਗੁਰਭਜਨ ਸਿੰਘ ਗਿੱਲ ਅਤੇ ਹੋਰ ਸ਼ਖ਼ਸੀਅਤਾਂ ਹਾਜ਼ਰ ਸਨ। ਉਨ੍ਹਾਂ ਕਿਹਾ ਕਿ ਬੀਬੀ ਰਣਜੀਤ ਕੌਰ ਨੇ 1966 ਵਿੱਚ ਗਾਉਣਾ ਸ਼ੁਰੂ ਕੀਤਾ ਅਤੇ ਉਨ੍ਹਾਂ ਦੇ ਗੀਤ ਅੱਜ ਵੀ ਲੋਕਾਂ ਦੀ ਜ਼ੁਬਾਨ ਉੱਤੇ ਹਨ। ਮੰਚ ਨੇ ਭਾਰਤ ਸਰਕਾਰ ਤੋਂ ਮੰਗ ਕੀਤੀ ਕਿ ਬੀਬੀ ਰਣਜੀਤ ਕੌਰ ਨੂੰ ਪਦਮ ਸ਼੍ਰੀ ਪੁਰਸਕਾਰ ਨਾਲ ਸਨਮਾਨਿਤ ਕੀਤਾ ਜਾਵੇ। ਇਸ ਮੌਕੇ ਗਾਇਕ ਪਾਲੀ ਦੇਤਵਾਲੀਆ, ਸੁਖਵਿੰਦਰ ਸੁੱਖੀ ਅਤੇ ਹੋਰ ਕਲਾਕਾਰਾਂ ਨੇ ਆਪਣੇ ਗੀਤਾਂ ਨਾਲ ਸਮਾਂ ਬੰਨ੍ਹਿਆ। ਅੰਤ ਵਿੱਚ ਮੰਚ ਦੇ ਪ੍ਰਧਾਨ ਨੇ ਸਭ ਦਾ ਧੰਨਵਾਦ ਕੀਤਾ।
ਲੁਧਿਆਣਾ, 17 ਫਰਵਰੀ (ਵਰਿੰਦਰ)- ਅੱਜੀ ਸਦੀ ਤੋਂ ਵੱਧ ਸਮਾਂ ਪੰਜਾਬੀ ਲੋਕ ਸੰਗੀਤ ਨੂੰ ਸਮਰਪਿਤ ਲੋਕ ਗੀਤਾਂ ਦੇ ਲੋਕ ਸੰਗੀਤ ਨੂੰ ਸਮਰਪਿਤ ਪ੍ਰਸਿੱਧ ਗਾਇਕਾ ਬੀਬੀ ਰਣਜੀਤ ਕੌਰ ਨੂੰ ਅੱਜ ਮਾਲਵਾ ਸੱਭਿਆਚਾਰਕ ਮੰਚ ਵੱਲੋਂ ਉੱਘੀ ਲੋਕ ਗਾਇਕਾ ਨਰਿੰਦਰ ਬੀਬਾ ਯਾਦਗਾਰੀ ਪੁਰਸਕਾਰ ਪ੍ਰਦਾਨ ਕੀਤਾ ਗਿਆ। ਇਸ ਮੌਕੇ ਪੰਜਾਬ ਸਰਕਾਰ ਦੇ ਮੰਤਰੀ, ਪੰਜਾਬੀ ਲੋਕ ਵਿਰਾਸਤ ਅਕਾਦਮੀ ਦੇ ਚੇਅਰਮੈਨ ਪ੍ਰੋ. ਗੁਰਭਜਨ ਸਿੰਘ ਗਿੱਲ ਅਤੇ ਹੋਰ ਸ਼ਖ਼ਸੀਅਤਾਂ ਹਾਜ਼ਰ ਸਨ। ਉਨ੍ਹਾਂ ਕਿਹਾ ਕਿ ਬੀਬੀ ਰਣਜੀਤ ਕੌਰ ਨੇ 1966 ਵਿੱਚ ਗਾਉਣਾ ਸ਼ੁਰੂ ਕੀਤਾ ਅਤੇ ਉਨ੍ਹਾਂ ਦੇ ਗੀਤ ਅੱਜ ਵੀ ਲੋਕਾਂ ਦੀ ਜ਼ੁਬਾਨ ਉੱਤੇ ਹਨ। ਮੰਚ ਨੇ ਭਾਰਤ ਸਰਕਾਰ ਤੋਂ ਮੰਗ ਕੀਤੀ ਕਿ
ਲੁਧਿਆਣਾ, 17 ਫਰਵਰੀ (ਵਰਿੰਦਰ)- ਅੱਜੀ ਸਦੀ ਤੋਂ ਵੱਧ ਸਮਾਂ ਪੰਜਾਬੀ ਲੋਕ ਸੰਗੀਤ ਨੂੰ ਸਮਰਪਿਤ ਲੋਕ ਗੀਤਾਂ ਦੇ ਲੋਕ ਸੰਗੀਤ ਨੂੰ ਸਮਰਪਿਤ ਪ੍ਰਸਿੱਧ ਗਾਇਕਾ ਬੀਬੀ ਰਣਜੀਤ ਕੌਰ ਨੂੰ ਅੱਜ ਮਾਲਵਾ ਸੱਭਿਆਚਾਰਕ ਮੰਚ ਵੱਲੋਂ ਉੱਘੀ ਲੋਕ ਗਾਇਕਾ ਨਰਿੰਦਰ ਬੀਬਾ ਯਾਦਗਾਰੀ ਪੁਰਸਕਾਰ ਪ੍ਰਦਾਨ ਕੀਤਾ ਗਿਆ। ਇਸ ਮੌਕੇ ਪੰਜਾਬ ਸਰਕਾਰ ਦੇ ਮੰਤਰੀ, ਪੰਜਾਬੀ ਲੋਕ ਵਿਰਾਸਤ ਅਕਾਦਮੀ ਦੇ ਚੇਅਰਮੈਨ ਪ੍ਰੋ. ਗੁਰਭਜਨ ਸਿੰਘ ਗਿੱਲ ਅਤੇ ਹੋਰ ਸ਼ਖ਼ਸੀਅਤਾਂ ਹਾਜ਼ਰ ਸਨ। ਉਨ੍ਹਾਂ ਕਿਹਾ ਕਿ ਬੀਬੀ ਰਣਜੀਤ ਕੌਰ ਨੇ 1966 ਵਿੱਚ ਗਾਉਣਾ ਸ਼ੁਰੂ ਕੀਤਾ ਅਤੇ ਉਨ੍ਹਾਂ ਦੇ ਗੀਤ ਅੱਜ ਵੀ ਲੋਕਾਂ ਦੀ ਜ਼ੁਬਾਨ ਉੱਤੇ ਹਨ। ਮੰਚ ਨੇ ਭਾਰਤ ਸਰਕਾਰ ਤੋਂ ਮੰਗ ਕੀਤੀ ਕਿ ਬੀਬੀ ਰਣਜੀਤ ਕੌਰ ਨੂੰ ਪਦਮ ਸ਼੍ਰੀ ਪੁਰਸਕਾਰ ਨਾਲ ਸਨਮਾਨਿਤ ਕੀਤਾ ਜਾਵੇ। ਇਸ ਮੌਕੇ ਗਾਇਕ ਪਾਲੀ ਦੇਤਵਾਲੀਆ, ਸੁਖਵਿੰਦਰ ਸੁੱਖੀ ਅਤੇ ਹੋਰ ਕਲਾਕਾਰਾਂ ਨੇ ਆਪਣੇ ਗੀਤਾਂ ਨਾਲ ਸਮਾਂ ਬੰਨ੍ਹਿਆ। ਅੰਤ ਵਿੱਚ ਮੰਚ ਦੇ ਪ੍ਰਧਾਨ ਨੇ ਸਭ ਦਾ ਧੰਨਵਾਦ ਕੀਤਾ।
ਸਰਕਾਰੀ ਕਾਲਜ ਲੜਕੀਆਂ ਵਿਖੇ ਵੋਕੇਸ਼ਨਲ ਵਰਕਸ਼ਾਪ ਸਫਲਤਾ ਪੂਰਵਕ ਸੰਪੰਨ
ਮਲੇਰਕੋਟਲਾ, 17 ਫਰਵਰੀ (ਬਲਜਿੰਦਰ ਸਿੰਘ ਕਲਸੀ)- ਸਥਾਨਕ ਸਰਕਾਰੀ ਕਾਲਜ ਲੜਕੀਆਂ ਵਿਖੇ, ਕਾਲਜ ਪ੍ਰਿੰਸੀਪਲ ਦੀ ਅਗਵਾਈ ਹੇਠ ਵੋਕੇਸ਼ਨਲ ਵਰਕਸ਼ਾਪ ਦਾ ਆਯੋਜਨ ਕੀਤਾ ਗਿਆ। ਇਸ ਵਰਕਸ਼ਾਪ ਵਿੱਚ ਵਿਦਿਆਰਥਣਾਂ ਨੂੰ ਹੁਨਰ ਵਿਕਾਸ, ਸਵੈ-ਰੁਜ਼ਗਾਰ ਅਤੇ ਸਿਲਾਈ ਕਢਾਈ ਬਾਰੇ ਸਿਖਲਾਈ ਦਿੱਤੀ ਗਈ। ਰਿਸੋਰਸ ਪਰਸਨ ਨੇ ਵਿਦਿਆਰਥਣਾਂ ਨੂੰ ਪ੍ਰੈਕਟੀਕਲ ਜਾਣਕਾਰੀ ਦਿੱਤੀ। ਅੰਤ ਵਿੱਚ ਪ੍ਰਿੰਸੀਪਲ ਨੇ ਸਭ ਦਾ ਧੰਨਵਾਦ ਕੀਤਾ ਅਤੇ ਕਿਹਾ ਕਿ ਅਜਿਹੀਆਂ ਵਰਕਸ਼ਾਪਾਂ ਵਿਦਿਆਰਥਣਾਂ ਦੇ ਭਵਿੱਖ ਲਈ ਬਹੁਤ ਲਾਭਦਾਇਕ ਹਨ।
